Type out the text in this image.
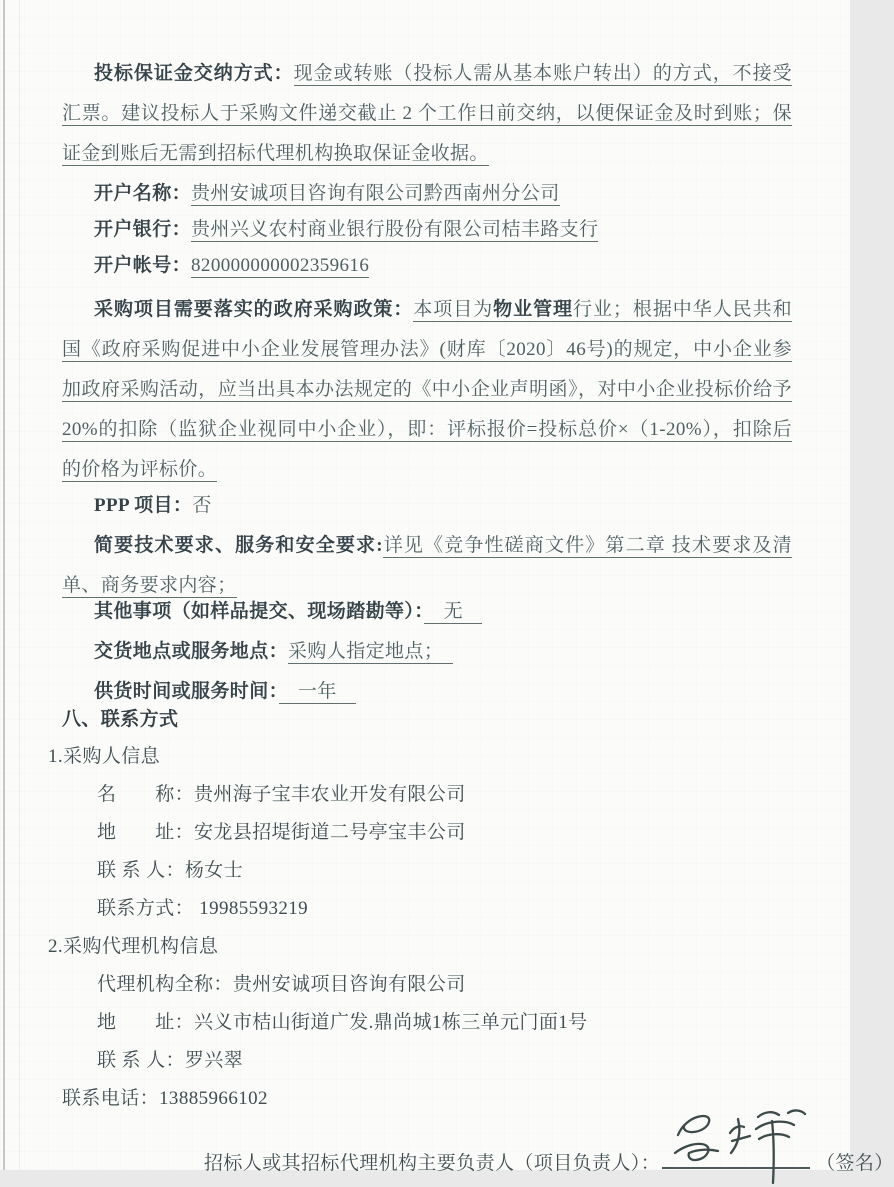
投标保证金交纳方式：现金或转账（投标人需从基本账户转出）的方式，不接受汇票。建议投标人于采购文件递交截止 2 个工作日前交纳，以便保证金及时到账；保证金到账后无需到招标代理机构换取保证金收据。

开户名称：贵州安诚项目咨询有限公司黔西南州分公司
开户银行：贵州兴义农村商业银行股份有限公司桔丰路支行
开户帐号：820000000002359616

采购项目需要落实的政府采购政策：本项目为物业管理行业；根据中华人民共和国《政府采购促进中小企业发展管理办法》(财库〔2020〕46号)的规定，中小企业参加政府采购活动，应当出具本办法规定的《中小企业声明函》，对中小企业投标价给予20%的扣除（监狱企业视同中小企业），即：评标报价=投标总价×（1-20%），扣除后的价格为评标价。

PPP 项目：否

简要技术要求、服务和安全要求:详见《竞争性磋商文件》第二章 技术要求及清单、商务要求内容；

其他事项（如样品提交、现场踏勘等）：　无　
交货地点或服务地点：采购人指定地点；　
供货时间或服务时间：　一年　
八、联系方式
1.采购人信息
名　　称：贵州海子宝丰农业开发有限公司
地　　址：安龙县招堤街道二号亭宝丰公司
联 系 人：杨女士
联系方式： 19985593219
2.采购代理机构信息
代理机构全称：贵州安诚项目咨询有限公司
地　　址：兴义市桔山街道广发.鼎尚城1栋三单元门面1号
联 系 人：罗兴翠
联系电话：13885966102
招标人或其招标代理机构主要负责人（项目负责人）：	（签名）
